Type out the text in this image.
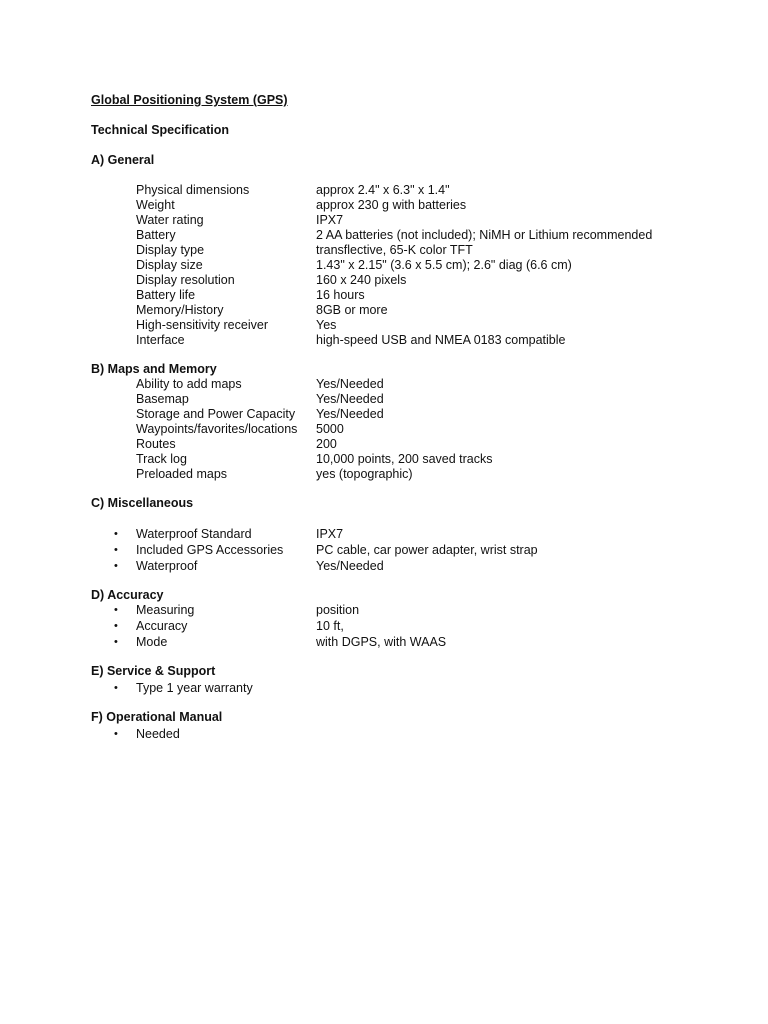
Global Positioning System (GPS)
Technical Specification
A) General
Physical dimensions	approx 2.4" x 6.3" x 1.4"
Weight	approx 230 g with batteries
Water rating	IPX7
Battery	2 AA batteries (not included); NiMH or Lithium recommended
Display type	transflective, 65-K color TFT
Display size	1.43" x 2.15" (3.6 x 5.5 cm); 2.6" diag (6.6 cm)
Display resolution	160 x 240 pixels
Battery life	16 hours
Memory/History	8GB or more
High-sensitivity receiver	Yes
Interface	high-speed USB and NMEA 0183 compatible
B) Maps and Memory
Ability to add maps	Yes/Needed
Basemap	Yes/Needed
Storage and Power Capacity Yes/Needed
Waypoints/favorites/locations 5000
Routes	200
Track log	10,000 points, 200 saved tracks
Preloaded maps	yes (topographic)
C) Miscellaneous
• Waterproof Standard	IPX7
• Included GPS Accessories	PC cable, car power adapter, wrist strap
• Waterproof	Yes/Needed
D) Accuracy
• Measuring	position
• Accuracy	10 ft,
• Mode	with DGPS, with WAAS
E) Service & Support
• Type 1 year warranty
F) Operational Manual
• Needed
